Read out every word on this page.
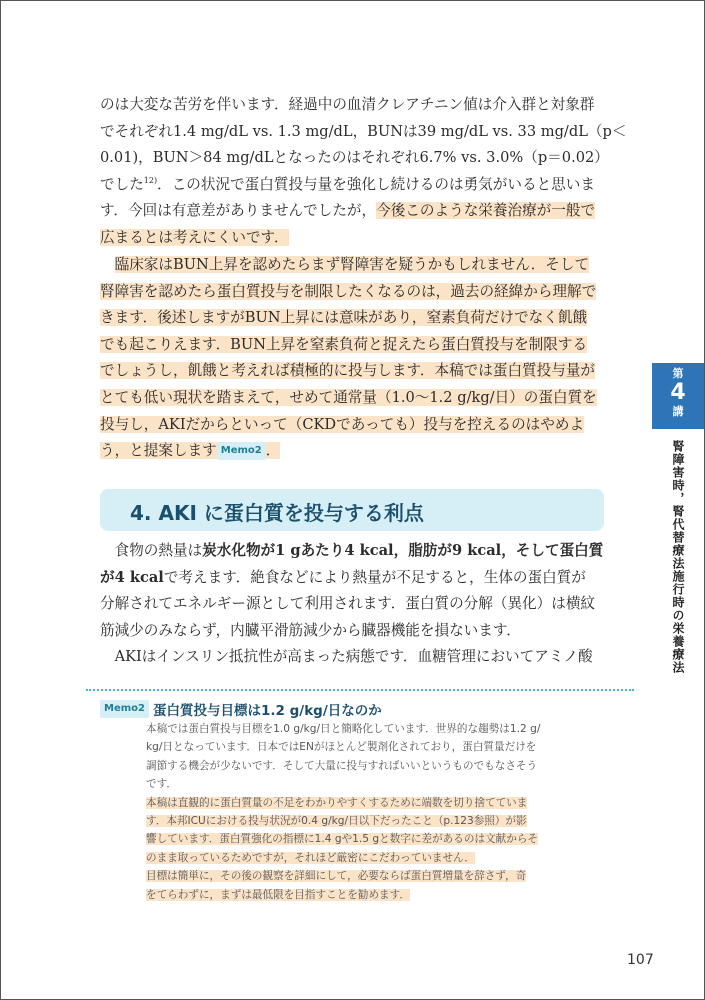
のは大変な苦労を伴います．経過中の血清クレアチニン値は介入群と対象群
でそれぞれ1.4 mg/dL vs. 1.3 mg/dL，BUNは39 mg/dL vs. 33 mg/dL（p＜
0.01)，BUN＞84 mg/dLとなったのはそれぞれ6.7% vs. 3.0%（p＝0.02）
でした$^{12)}$．この状況で蛋白質投与量を強化し続けるのは勇気がいると思いま
す．今回は有意差がありませんでしたが，今後このような栄養治療が一般で
広まるとは考えにくいです．
臨床家はBUN上昇を認めたらまず腎障害を疑うかもしれません．そして
腎障害を認めたら蛋白質投与を制限したくなるのは，過去の経緯から理解で
きます．後述しますがBUN上昇には意味があり，窒素負荷だけでなく飢餓
でも起こりえます．BUN上昇を窒素負荷と捉えたら蛋白質投与を制限する
でしょうし，飢餓と考えれば積極的に投与します．本稿では蛋白質投与量が
とても低い現状を踏まえて，せめて通常量（1.0〜1.2 g/kg/日）の蛋白質を
投与し，AKIだからといって（CKDであっても）投与を控えるのはやめよ
う，と提案します Memo2 ．
4. AKI に蛋白質を投与する利点
食物の熱量は炭水化物が1 gあたり4 kcal，脂肪が9 kcal，そして蛋白質
が4 kcalで考えます．絶食などにより熱量が不足すると，生体の蛋白質が
分解されてエネルギー源として利用されます．蛋白質の分解（異化）は横紋
筋減少のみならず，内臓平滑筋減少から臓器機能を損ないます．
AKIはインスリン抵抗性が高まった病態です．血糖管理においてアミノ酸
Memo2 蛋白質投与目標は1.2 g/kg/日なのか
本稿では蛋白質投与目標を1.0 g/kg/日と簡略化しています．世界的な趨勢は1.2 g/
kg/日となっています．日本ではENがほとんど製剤化されており，蛋白質量だけを
調節する機会が少ないです．そして大量に投与すればいいというものでもなさそう
です．
本稿は直観的に蛋白質量の不足をわかりやすくするために端数を切り捨てていま
す．本邦ICUにおける投与状況が0.4 g/kg/日以下だったこと（p.123参照）が影
響しています．蛋白質強化の指標に1.4 gや1.5 gと数字に差があるのは文献からそ
のまま取っているためですが，それほど厳密にこだわっていません．
目標は簡単に，その後の観察を詳細にして，必要ならば蛋白質増量を辞さず，奇
をてらわずに，まずは最低限を目指すことを勧めます．
第
4
講
腎障害時，腎代替療法施行時の栄養療法
107
